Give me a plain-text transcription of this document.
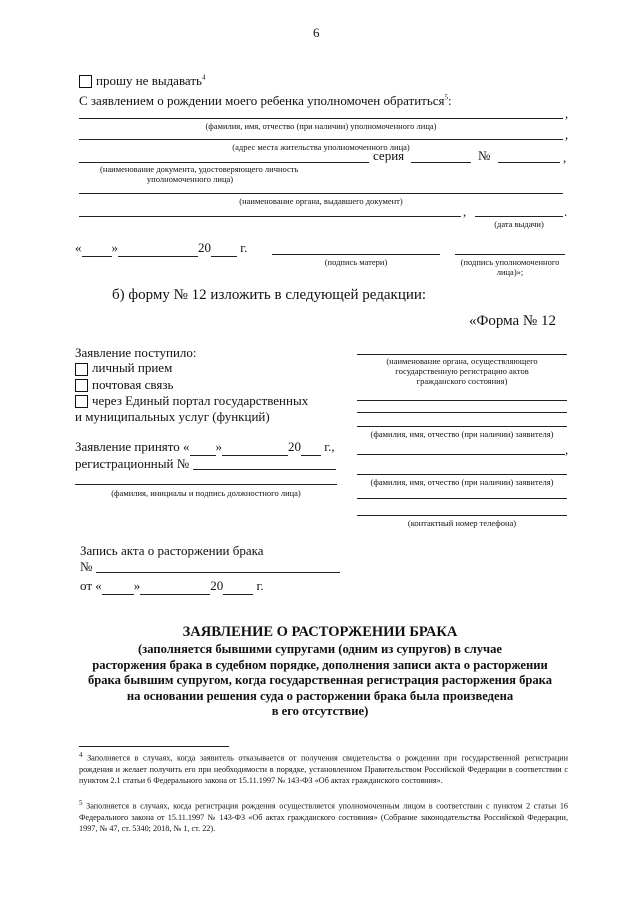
6
прошу не выдавать$^4$
С заявлением о рождении моего ребенка уполномочен обратиться$^5$:
,
(фамилия, имя, отчество (при наличии) уполномоченного лица)
,
(адрес места жительства уполномоченного лица)
серия	№	,
(наименование документа, удостоверяющего личность
уполномоченного лица)
(наименование органа, выдавшего документ)
,	.
(дата выдачи)
« »	20 г.
(подпись матери)	(подпись уполномоченного
лица)»;
б) форму № 12 изложить в следующей редакции:
«Форма № 12
Заявление поступило:
личный прием
почтовая связь
через Единый портал государственных
и муниципальных услуг (функций)
Заявление принято « »	20 г.,
регистрационный №
(фамилия, инициалы и подпись должностного лица)
(наименование органа, осуществляющего
государственную регистрацию актов
гражданского состояния)
(фамилия, имя, отчество (при наличии) заявителя)
,
(фамилия, имя, отчество (при наличии) заявителя)
(контактный номер телефона)
Запись акта о расторжении брака
№
от « »	20	г.
ЗАЯВЛЕНИЕ О РАСТОРЖЕНИИ БРАКА
(заполняется бывшими супругами (одним из супругов) в случае
расторжения брака в судебном порядке, дополнения записи акта о расторжении
брака бывшим супругом, когда государственная регистрация расторжения брака
на основании решения суда о расторжении брака была произведена
в его отсутствие)
4 Заполняется в случаях, когда заявитель отказывается от получения свидетельства о рождении при государственной регистрации рождения и желает получить его при необходимости в порядке, установленном Правительством Российской Федерации в соответствии с пунктом 2.1 статьи 6 Федерального закона от 15.11.1997 № 143-ФЗ «Об актах гражданского состояния».
5 Заполняется в случаях, когда регистрация рождения осуществляется уполномоченным лицом в соответствии с пунктом 2 статьи 16 Федерального закона от 15.11.1997 № 143-ФЗ «Об актах гражданского состояния» (Собрание законодательства Российской Федерации, 1997, № 47, ст. 5340; 2018, № 1, ст. 22).
